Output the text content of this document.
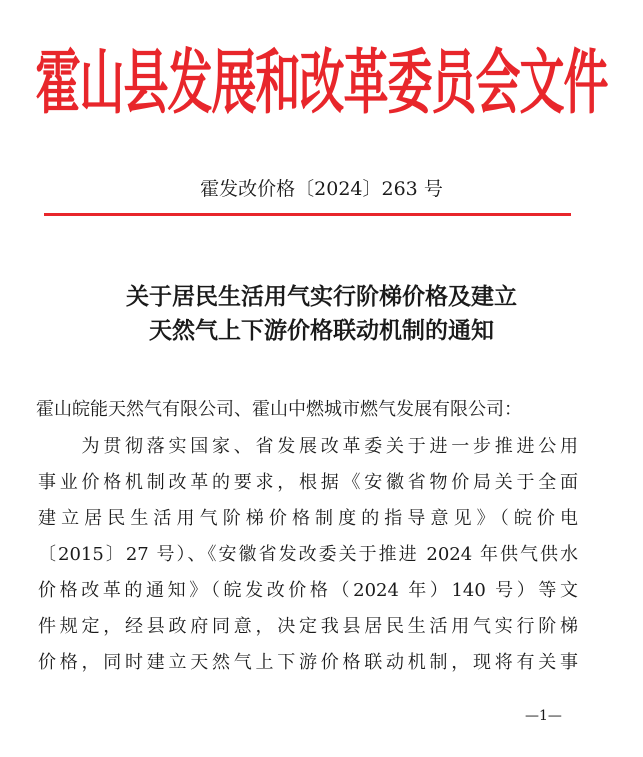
霍山县发展和改革委员会文件
霍发改价格〔2024〕263 号
关于居民生活用气实行阶梯价格及建立
天然气上下游价格联动机制的通知
霍山皖能天然气有限公司、霍山中燃城市燃气发展有限公司：
　　为贯彻落实国家、省发展改革委关于进一步推进公用
事业价格机制改革的要求，根据《安徽省物价局关于全面
建立居民生活用气阶梯价格制度的指导意见》（皖价电
〔2015〕27 号）、《安徽省发改委关于推进 2024 年供气供水
价格改革的通知》（皖发改价格（2024 年）140 号）等文
件规定，经县政府同意，决定我县居民生活用气实行阶梯
价格，同时建立天然气上下游价格联动机制，现将有关事
—1—
